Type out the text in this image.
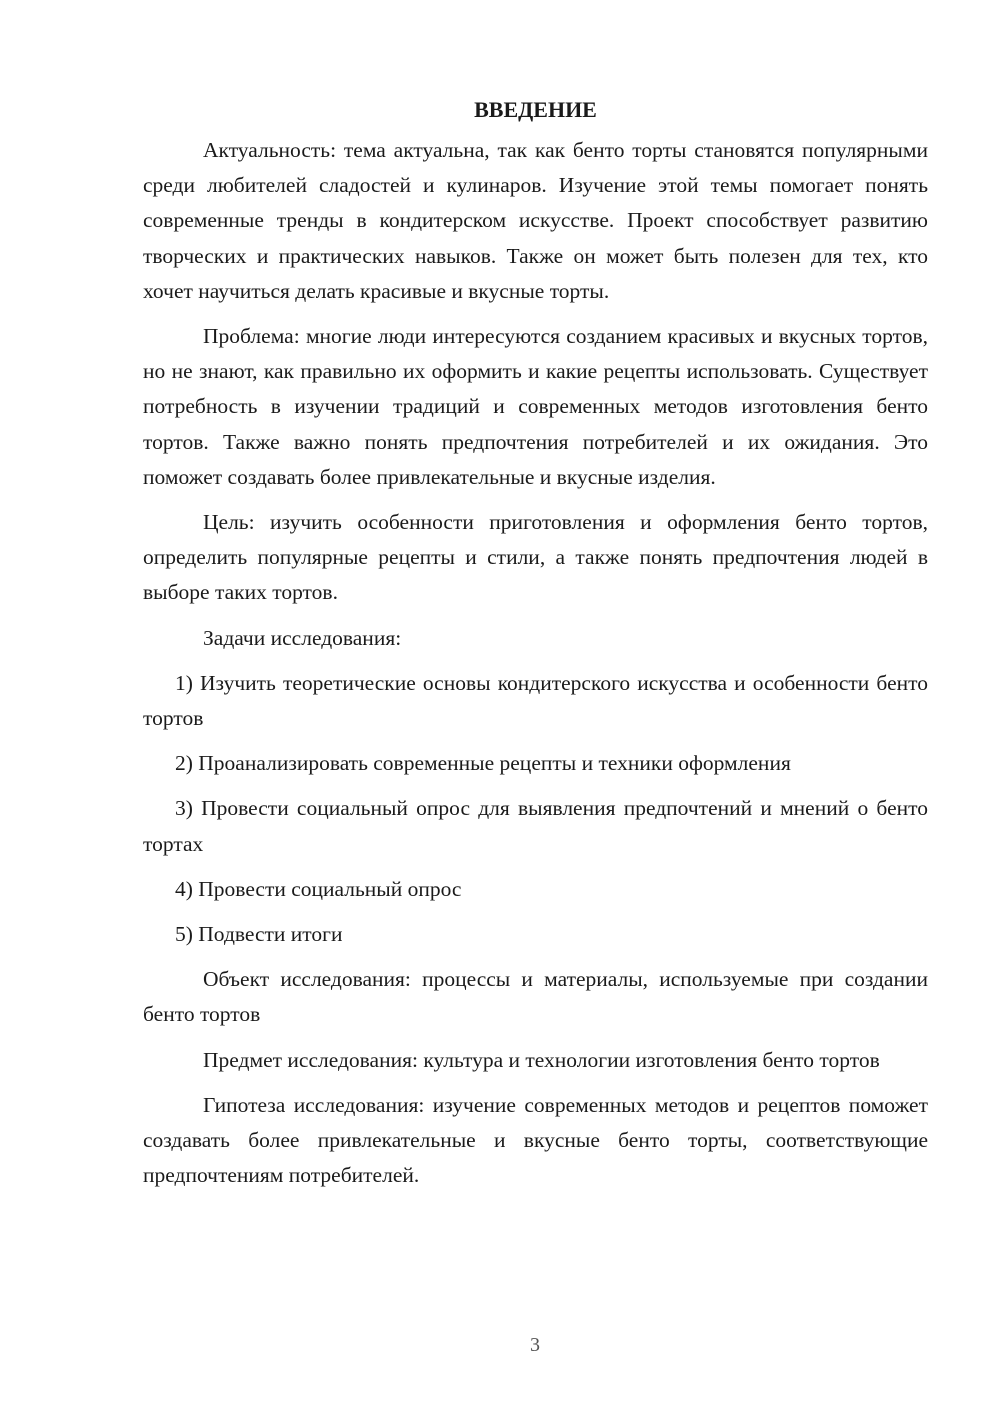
ВВЕДЕНИЕ

Актуальность: тема актуальна, так как бенто торты становятся популярными среди любителей сладостей и кулинаров. Изучение этой темы помогает понять современные тренды в кондитерском искусстве. Проект способствует развитию творческих и практических навыков. Также он может быть полезен для тех, кто хочет научиться делать красивые и вкусные торты.

Проблема: многие люди интересуются созданием красивых и вкусных тортов, но не знают, как правильно их оформить и какие рецепты использовать. Существует потребность в изучении традиций и современных методов изготовления бенто тортов. Также важно понять предпочтения потребителей и их ожидания. Это поможет создавать более привлекательные и вкусные изделия.

Цель: изучить особенности приготовления и оформления бенто тортов, определить популярные рецепты и стили, а также понять предпочтения людей в выборе таких тортов.

Задачи исследования:

1) Изучить теоретические основы кондитерского искусства и особенности бенто тортов

2) Проанализировать современные рецепты и техники оформления

3) Провести социальный опрос для выявления предпочтений и мнений о бенто тортах

4) Провести социальный опрос

5) Подвести итоги

Объект исследования: процессы и материалы, используемые при создании бенто тортов

Предмет исследования: культура и технологии изготовления бенто тортов

Гипотеза исследования: изучение современных методов и рецептов поможет создавать более привлекательные и вкусные бенто торты, соответствующие предпочтениям потребителей.

3
